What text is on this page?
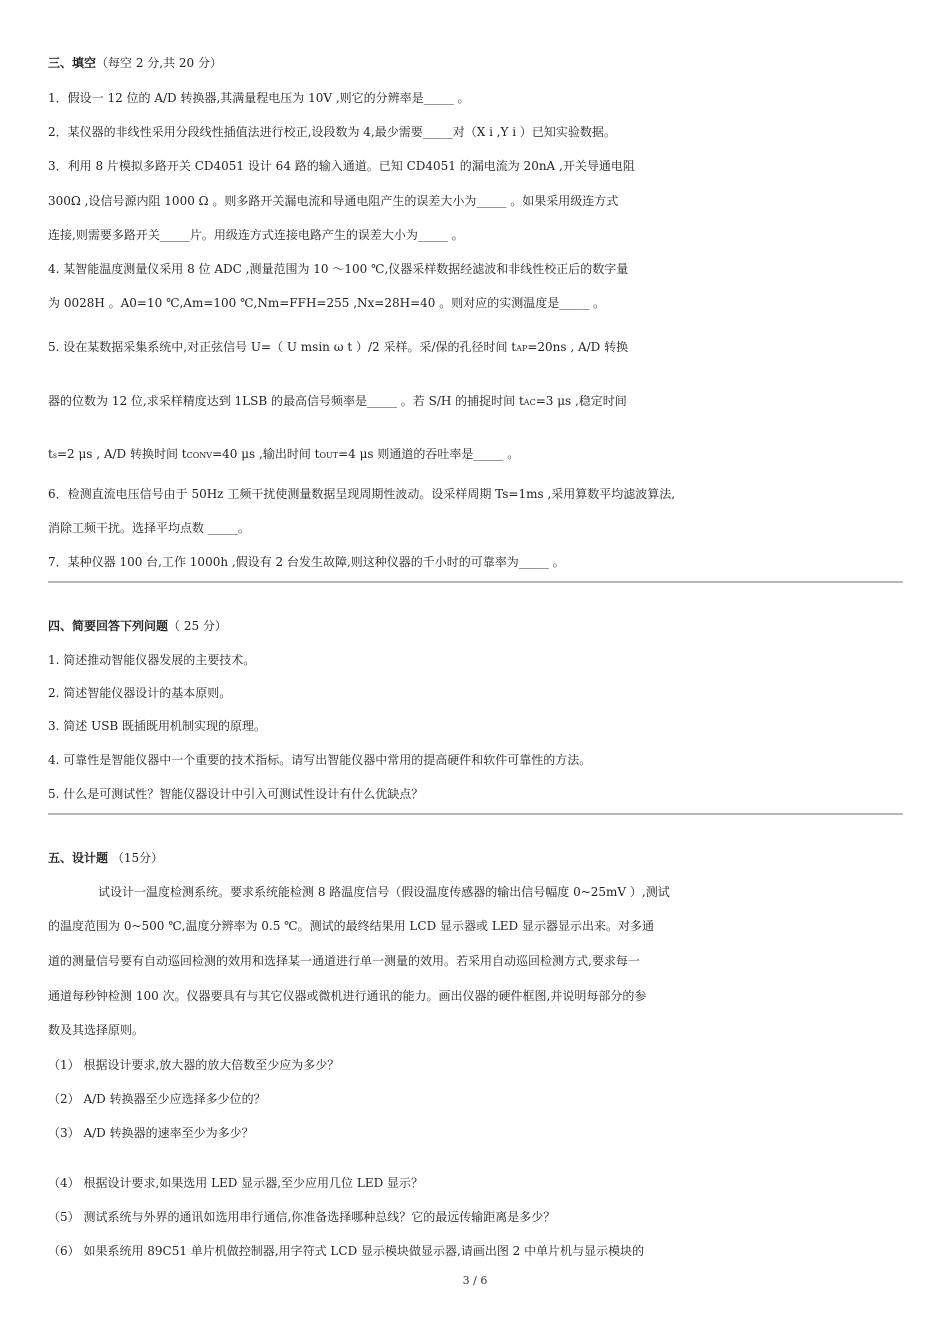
三、填空（每空 2 分,共 20 分）
1．假设一 12 位的 A/D 转换器,其满量程电压为 10V ,则它的分辨率是_____ 。
2．某仪器的非线性采用分段线性插值法进行校正,设段数为 4,最少需要_____对（X i ,Y i ）已知实验数据。
3．利用 8 片模拟多路开关 CD4051 设计 64 路的输入通道。已知 CD4051 的漏电流为 20nA ,开关导通电阻
300Ω ,设信号源内阻 1000 Ω 。则多路开关漏电流和导通电阻产生的误差大小为_____ 。如果采用级连方式
连接,则需要多路开关_____片。用级连方式连接电路产生的误差大小为_____ 。
4. 某智能温度测量仪采用 8 位 ADC ,测量范围为 10 ～100 ℃,仪器采样数据经滤波和非线性校正后的数字量
为 0028H 。A0=10 ℃,Am=100 ℃,Nm=FFH=255 ,Nx=28H=40 。则对应的实测温度是_____ 。
5. 设在某数据采集系统中,对正弦信号 U=（ U msin ω t ）/2 采样。采/保的孔径时间 tAP=20ns , A/D 转换
器的位数为 12 位,求采样精度达到 1LSB 的最高信号频率是_____ 。若 S/H 的捕捉时间 tAC=3 μs ,稳定时间
ts=2 μs , A/D 转换时间 tCONV=40 μs ,输出时间 tOUT=4 μs 则通道的吞吐率是_____ 。
6．检测直流电压信号由于 50Hz 工频干扰使测量数据呈现周期性波动。设采样周期 Ts=1ms ,采用算数平均滤波算法,
消除工频干扰。选择平均点数 _____。
7．某种仪器 100 台,工作 1000h ,假设有 2 台发生故障,则这种仪器的千小时的可靠率为_____ 。
四、简要回答下列问题（ 25 分）
1. 简述推动智能仪器发展的主要技术。
2. 简述智能仪器设计的基本原则。
3. 简述 USB 既插既用机制实现的原理。
4. 可靠性是智能仪器中一个重要的技术指标。请写出智能仪器中常用的提高硬件和软件可靠性的方法。
5. 什么是可测试性？智能仪器设计中引入可测试性设计有什么优缺点？
五、设计题 （15分）
试设计一温度检测系统。要求系统能检测 8 路温度信号（假设温度传感器的输出信号幅度 0~25mV ）,测试
的温度范围为 0~500 ℃,温度分辨率为 0.5 ℃。测试的最终结果用 LCD 显示器或 LED 显示器显示出来。对多通
道的测量信号要有自动巡回检测的效用和选择某一通道进行单一测量的效用。若采用自动巡回检测方式,要求每一
通道每秒钟检测 100 次。仪器要具有与其它仪器或微机进行通讯的能力。画出仪器的硬件框图,并说明每部分的参
数及其选择原则。
（1） 根据设计要求,放大器的放大倍数至少应为多少？
（2） A/D 转换器至少应选择多少位的？
（3） A/D 转换器的速率至少为多少？
（4） 根据设计要求,如果选用 LED 显示器,至少应用几位 LED 显示？
（5） 测试系统与外界的通讯如选用串行通信,你准备选择哪种总线？它的最远传输距离是多少？
（6） 如果系统用 89C51 单片机做控制器,用字符式 LCD 显示模块做显示器,请画出图 2 中单片机与显示模块的
3 / 6
